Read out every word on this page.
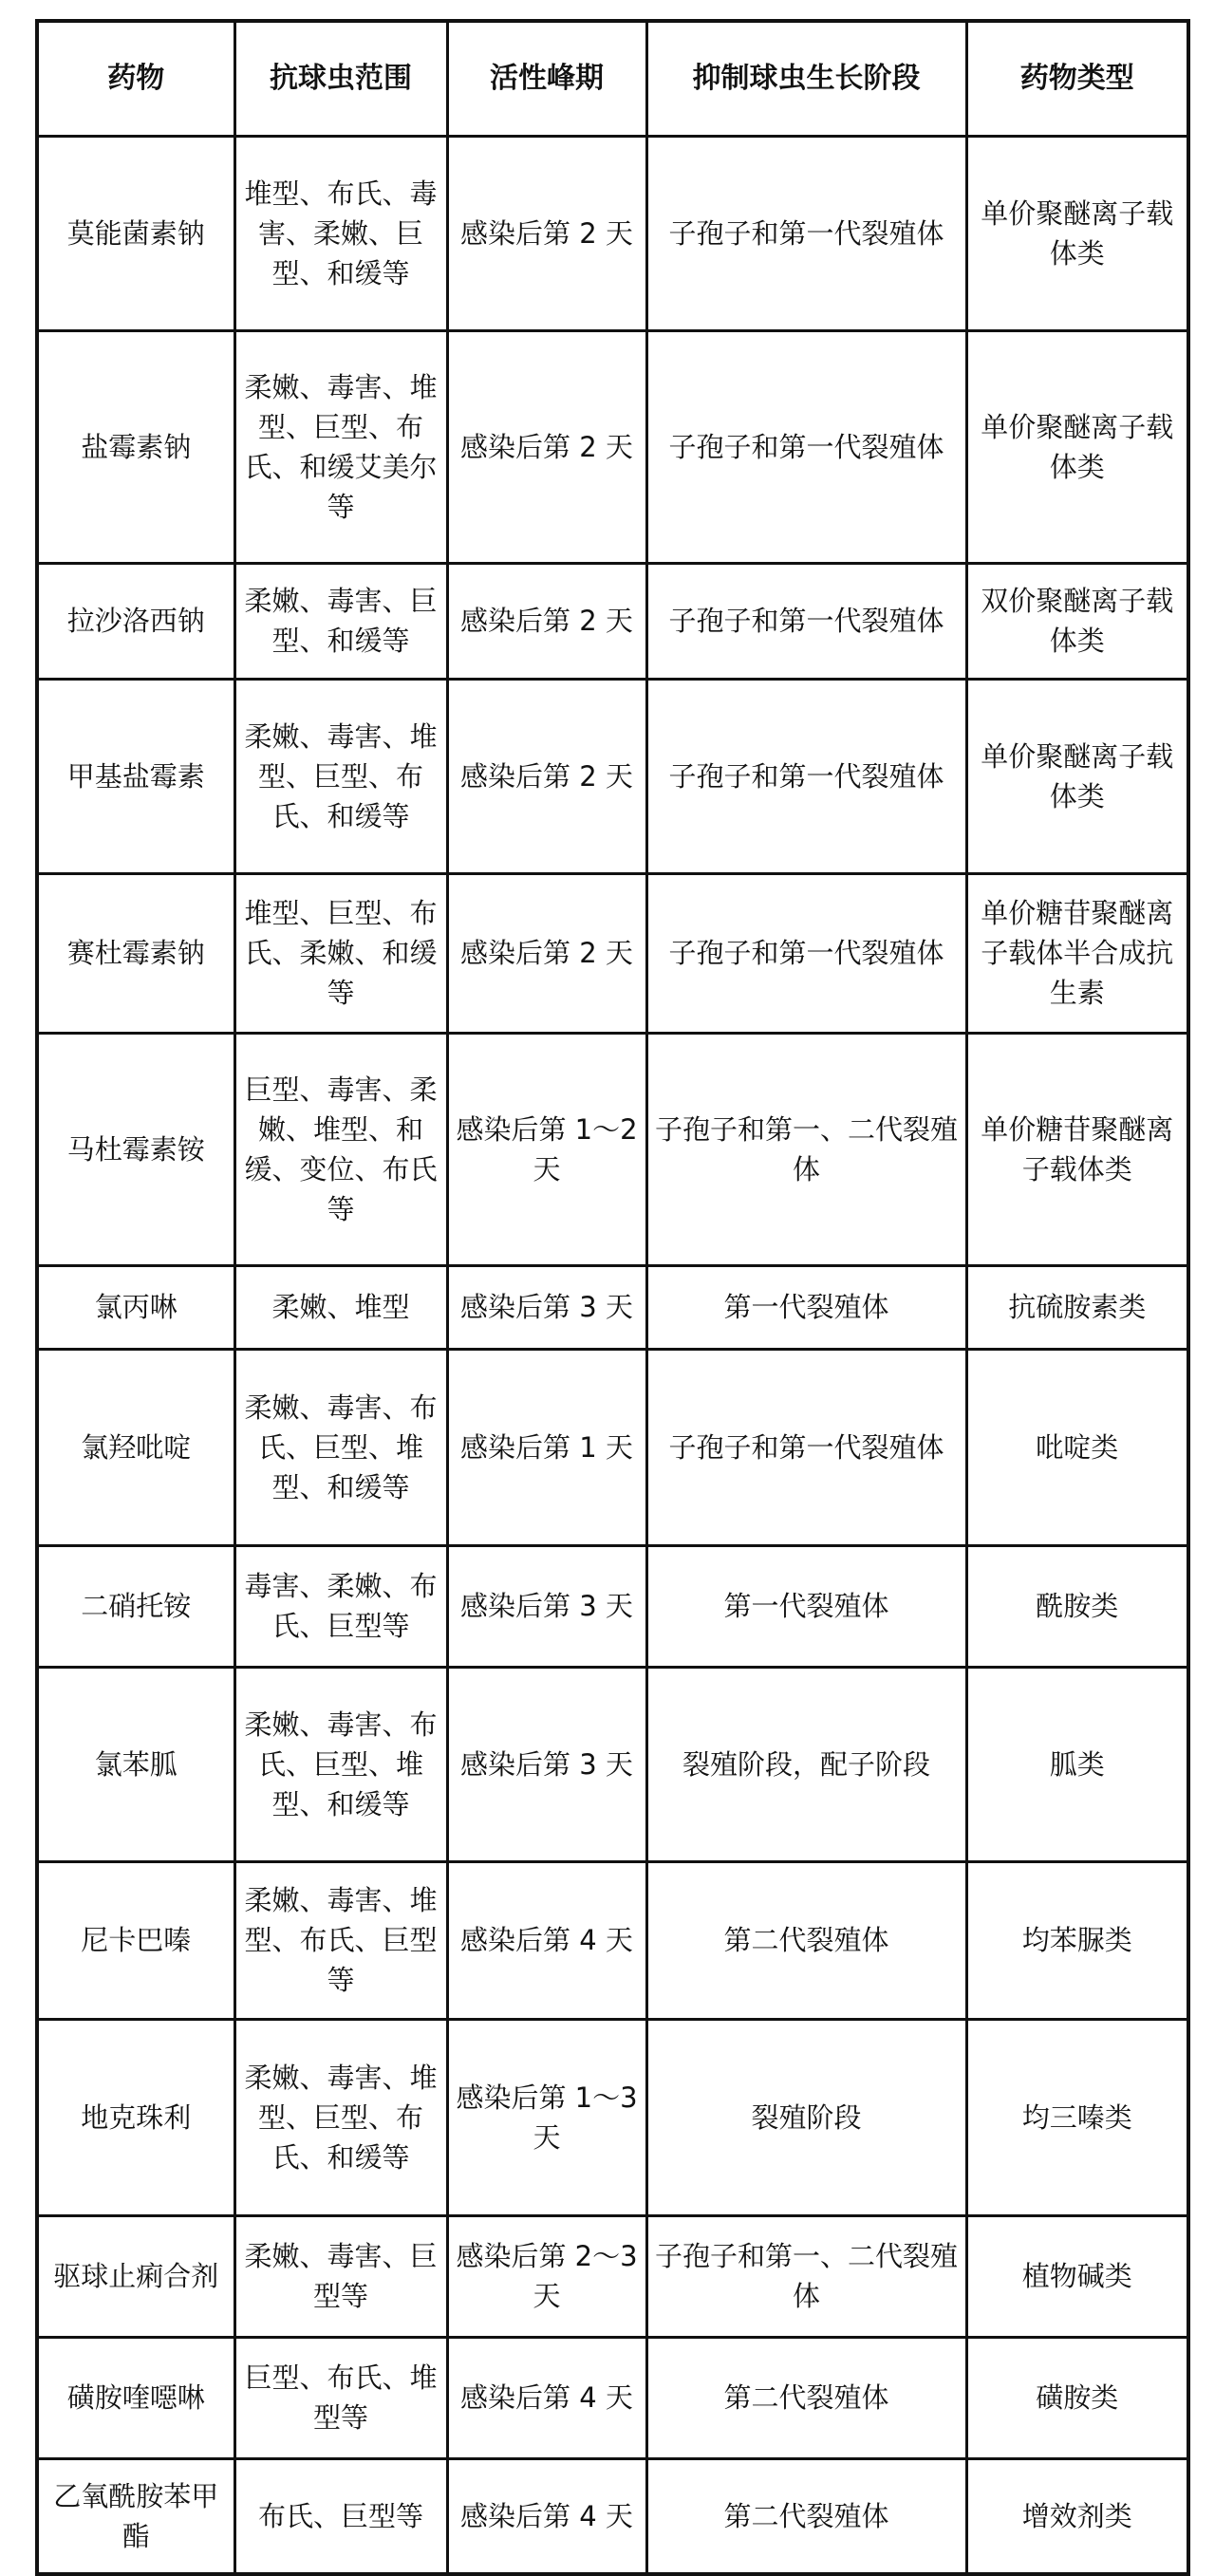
药物	抗球虫范围	活性峰期	抑制球虫生长阶段	药物类型
莫能菌素钠	堆型、布氏、毒害、柔嫩、巨型、和缓等	感染后第 2 天	子孢子和第一代裂殖体	单价聚醚离子载体类
盐霉素钠	柔嫩、毒害、堆型、巨型、布氏、和缓艾美尔等	感染后第 2 天	子孢子和第一代裂殖体	单价聚醚离子载体类
拉沙洛西钠	柔嫩、毒害、巨型、和缓等	感染后第 2 天	子孢子和第一代裂殖体	双价聚醚离子载体类
甲基盐霉素	柔嫩、毒害、堆型、巨型、布氏、和缓等	感染后第 2 天	子孢子和第一代裂殖体	单价聚醚离子载体类
赛杜霉素钠	堆型、巨型、布氏、柔嫩、和缓等	感染后第 2 天	子孢子和第一代裂殖体	单价糖苷聚醚离子载体半合成抗生素
马杜霉素铵	巨型、毒害、柔嫩、堆型、和缓、变位、布氏等	感染后第 1～2 天	子孢子和第一、二代裂殖体	单价糖苷聚醚离子载体类
氯丙啉	柔嫩、堆型	感染后第 3 天	第一代裂殖体	抗硫胺素类
氯羟吡啶	柔嫩、毒害、布氏、巨型、堆型、和缓等	感染后第 1 天	子孢子和第一代裂殖体	吡啶类
二硝托铵	毒害、柔嫩、布氏、巨型等	感染后第 3 天	第一代裂殖体	酰胺类
氯苯胍	柔嫩、毒害、布氏、巨型、堆型、和缓等	感染后第 3 天	裂殖阶段，配子阶段	胍类
尼卡巴嗪	柔嫩、毒害、堆型、布氏、巨型等	感染后第 4 天	第二代裂殖体	均苯脲类
地克珠利	柔嫩、毒害、堆型、巨型、布氏、和缓等	感染后第 1～3 天	裂殖阶段	均三嗪类
驱球止痢合剂	柔嫩、毒害、巨型等	感染后第 2～3 天	子孢子和第一、二代裂殖体	植物碱类
磺胺喹噁啉	巨型、布氏、堆型等	感染后第 4 天	第二代裂殖体	磺胺类
乙氧酰胺苯甲酯	布氏、巨型等	感染后第 4 天	第二代裂殖体	增效剂类
